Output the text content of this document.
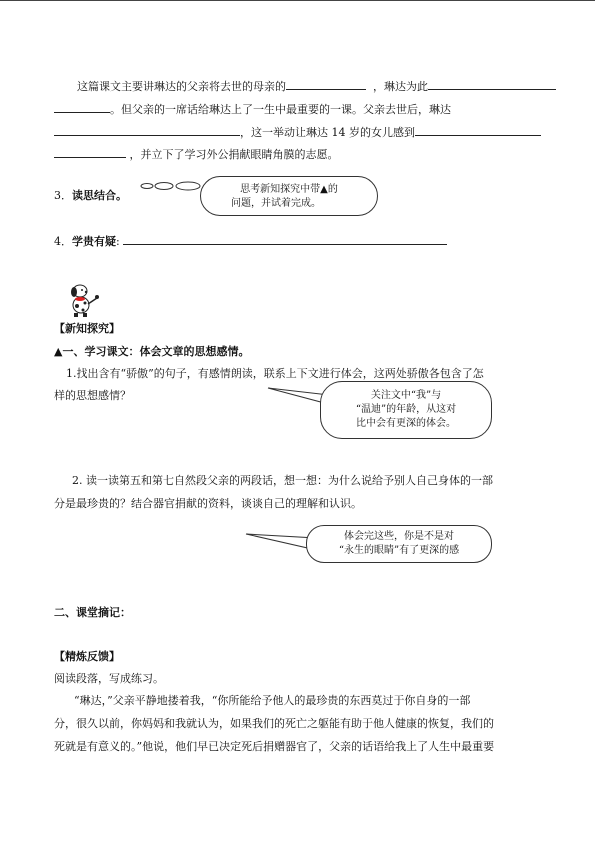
这篇课文主要讲琳达的父亲将去世的母亲的	，琳达为此
。但父亲的一席话给琳达上了一生中最重要的一课。父亲去世后，琳达
，这一举动让琳达 14 岁的女儿感到
，并立下了学习外公捐献眼睛角膜的志愿。
3．读思结合。	思考新知探究中带▲的
问题，并试着完成。
4．学贵有疑:
【新知探究】
▲一、学习课文：体会文章的思想感情。
1.找出含有“骄傲”的句子，有感情朗读，联系上下文进行体会，这两处骄傲各包含了怎
样的思想感情？	关注文中“我”与
“温迪”的年龄，从这对
比中会有更深的体会。
2. 读一读第五和第七自然段父亲的两段话，想一想：为什么说给予别人自己身体的一部
分是最珍贵的？结合器官捐献的资料，谈谈自己的理解和认识。
体会完这些，你是不是对
“永生的眼睛”有了更深的感
二、课堂摘记：
【精炼反馈】
阅读段落，写成练习。
“琳达，”父亲平静地搂着我，“你所能给予他人的最珍贵的东西莫过于你自身的一部
分，很久以前，你妈妈和我就认为，如果我们的死亡之躯能有助于他人健康的恢复，我们的
死就是有意义的。”他说，他们早已决定死后捐赠器官了，父亲的话语给我上了人生中最重要
